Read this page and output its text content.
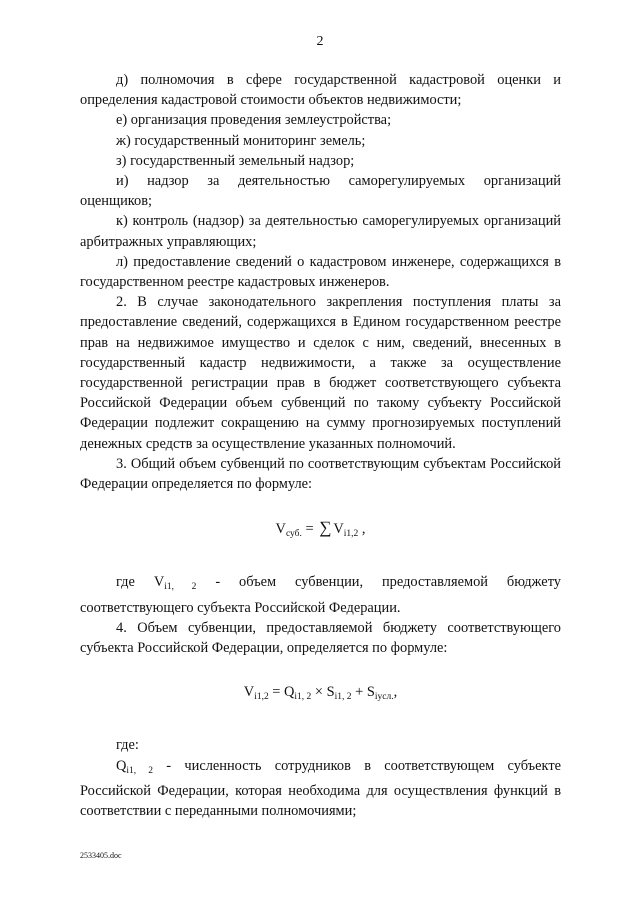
2

д) полномочия в сфере государственной кадастровой оценки и определения кадастровой стоимости объектов недвижимости;

е) организация проведения землеустройства;

ж) государственный мониторинг земель;

з) государственный земельный надзор;

и) надзор за деятельностью саморегулируемых организаций оценщиков;

к) контроль (надзор) за деятельностью саморегулируемых организаций арбитражных управляющих;

л) предоставление сведений о кадастровом инженере, содержащихся в государственном реестре кадастровых инженеров.

2. В случае законодательного закрепления поступления платы за предоставление сведений, содержащихся в Едином государственном реестре прав на недвижимое имущество и сделок с ним, сведений, внесенных в государственный кадастр недвижимости, а также за осуществление государственной регистрации прав в бюджет соответствующего субъекта Российской Федерации объем субвенций по такому субъекту Российской Федерации подлежит сокращению на сумму прогнозируемых поступлений денежных средств за осуществление указанных полномочий.

3. Общий объем субвенций по соответствующим субъектам Российской Федерации определяется по формуле:

$V_{суб.}$ = ∑ $V_{i1,2}$ ,

где $V_{i1, 2}$ - объем субвенции, предоставляемой бюджету соответствующего субъекта Российской Федерации.

4. Объем субвенции, предоставляемой бюджету соответствующего субъекта Российской Федерации, определяется по формуле:

$V_{i1,2} = Q_{i1, 2} \times S_{i1, 2} + S_{iусл.}$,

где:

$Q_{i1, 2}$ - численность сотрудников в соответствующем субъекте Российской Федерации, которая необходима для осуществления функций в соответствии с переданными полномочиями;

2533405.doc
